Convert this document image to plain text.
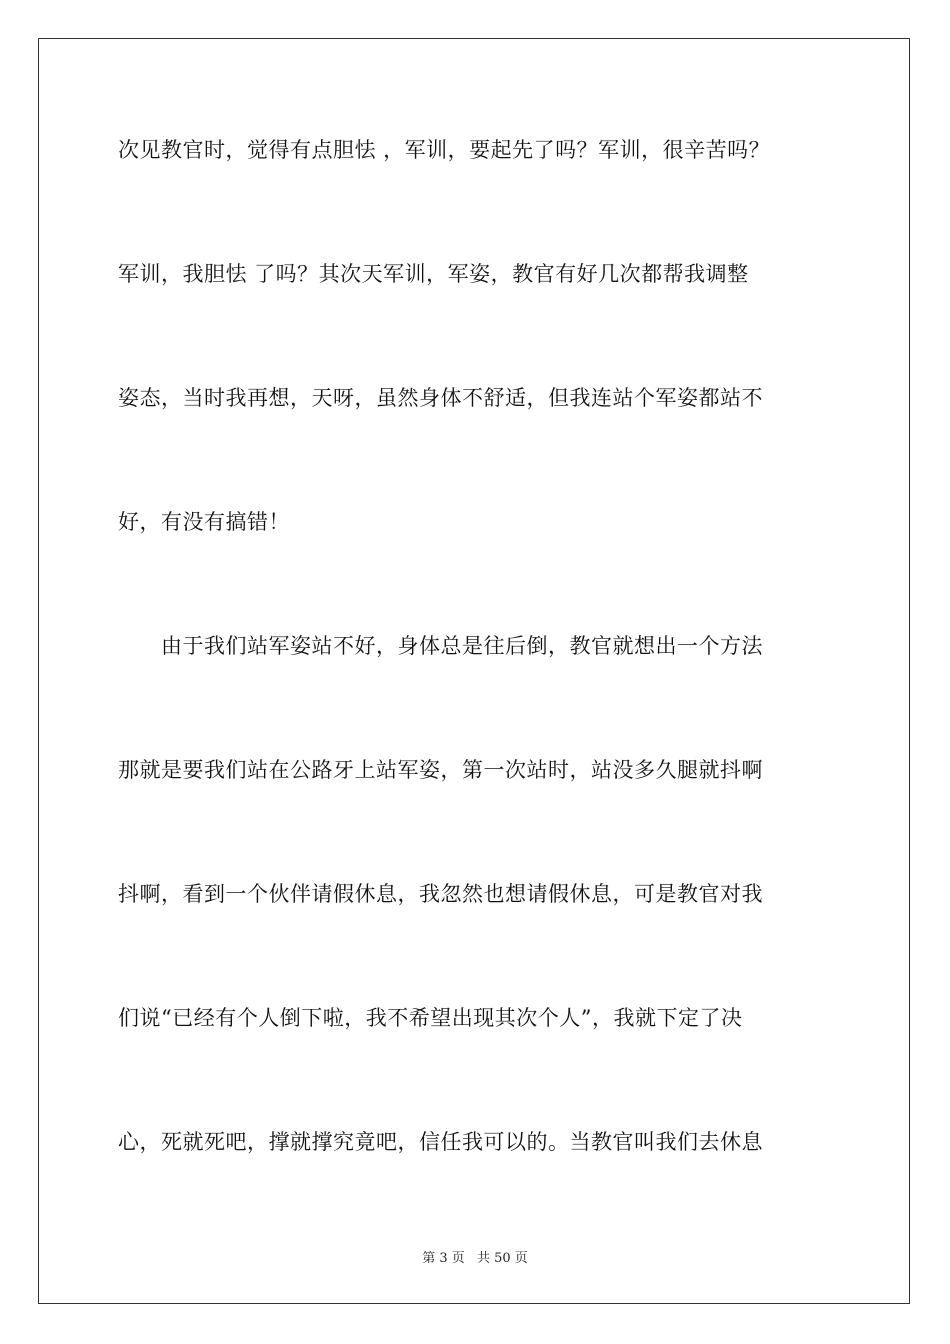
次见教官时，觉得有点胆怯 ，军训，要起先了吗？军训，很辛苦吗？
军训，我胆怯 了吗？其次天军训，军姿，教官有好几次都帮我调整
姿态，当时我再想，天呀，虽然身体不舒适，但我连站个军姿都站不
好，有没有搞错！
　　由于我们站军姿站不好，身体总是往后倒，教官就想出一个方法
那就是要我们站在公路牙上站军姿，第一次站时，站没多久腿就抖啊
抖啊，看到一个伙伴请假休息，我忽然也想请假休息，可是教官对我
们说“已经有个人倒下啦，我不希望出现其次个人”，我就下定了决
心，死就死吧，撑就撑究竟吧，信任我可以的。当教官叫我们去休息
第 3 页 共 50 页
